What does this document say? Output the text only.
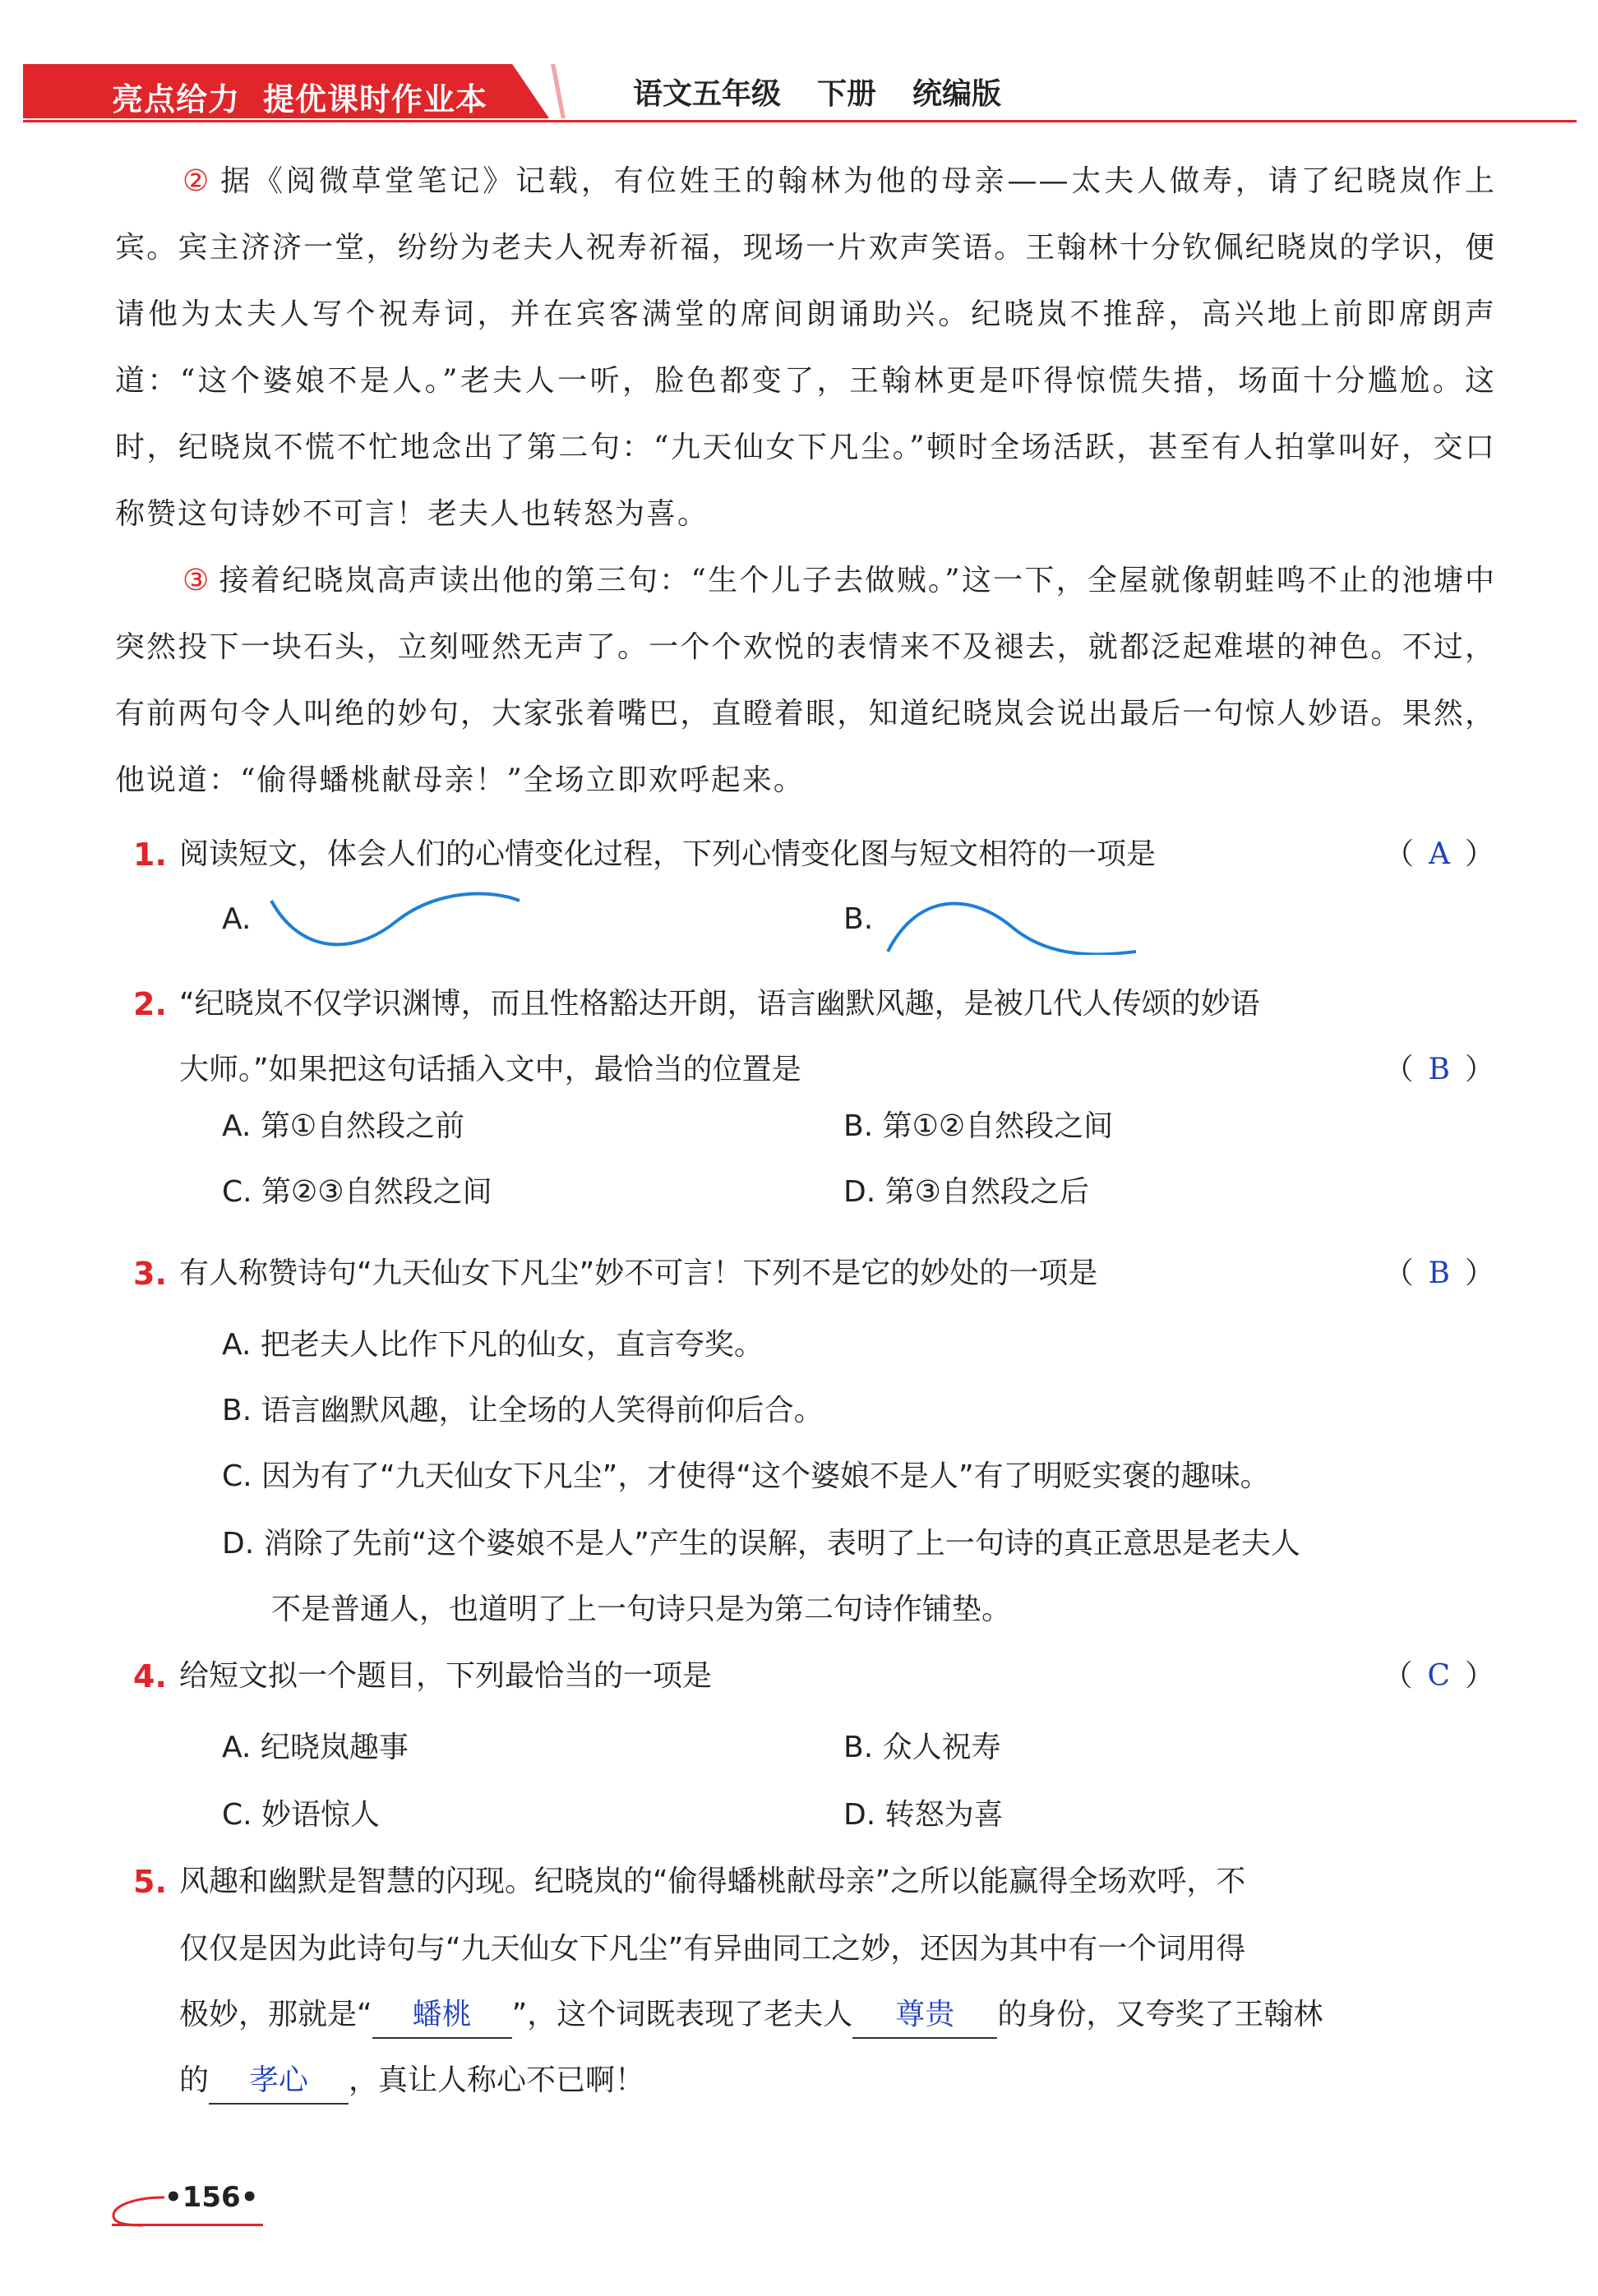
亮点给力 提优课时作业本	语文五年级 下册 统编版
② 据《阅微草堂笔记》记载，有位姓王的翰林为他的母亲——太夫人做寿，请了纪晓岚作上宾。宾主济济一堂，纷纷为老夫人祝寿祈福，现场一片欢声笑语。王翰林十分钦佩纪晓岚的学识，便请他为太夫人写个祝寿词，并在宾客满堂的席间朗诵助兴。纪晓岚不推辞，高兴地上前即席朗声道：“这个婆娘不是人。”老夫人一听，脸色都变了，王翰林更是吓得惊慌失措，场面十分尴尬。这时，纪晓岚不慌不忙地念出了第二句：“九天仙女下凡尘。”顿时全场活跃，甚至有人拍掌叫好，交口称赞这句诗妙不可言！老夫人也转怒为喜。
③ 接着纪晓岚高声读出他的第三句：“生个儿子去做贼。”这一下，全屋就像朝蛙鸣不止的池塘中突然投下一块石头，立刻哑然无声了。一个个欢悦的表情来不及褪去，就都泛起难堪的神色。不过，有前两句令人叫绝的妙句，大家张着嘴巴，直瞪着眼，知道纪晓岚会说出最后一句惊人妙语。果然，他说道：“偷得蟠桃献母亲！”全场立即欢呼起来。
1. 阅读短文，体会人们的心情变化过程，下列心情变化图与短文相符的一项是	（ A ）
A.	B.
2. “纪晓岚不仅学识渊博，而且性格豁达开朗，语言幽默风趣，是被几代人传颂的妙语
大师。”如果把这句话插入文中，最恰当的位置是	（ B ）
A. 第①自然段之前	B. 第①②自然段之间
C. 第②③自然段之间	D. 第③自然段之后
3. 有人称赞诗句“九天仙女下凡尘”妙不可言！下列不是它的妙处的一项是	（ B ）
A. 把老夫人比作下凡的仙女，直言夸奖。
B. 语言幽默风趣，让全场的人笑得前仰后合。
C. 因为有了“九天仙女下凡尘”，才使得“这个婆娘不是人”有了明贬实褒的趣味。
D. 消除了先前“这个婆娘不是人”产生的误解，表明了上一句诗的真正意思是老夫人
不是普通人，也道明了上一句诗只是为第二句诗作铺垫。
4. 给短文拟一个题目，下列最恰当的一项是	（ C ）
A. 纪晓岚趣事	B. 众人祝寿
C. 妙语惊人	D. 转怒为喜
5. 风趣和幽默是智慧的闪现。纪晓岚的“偷得蟠桃献母亲”之所以能赢得全场欢呼，不
仅仅是因为此诗句与“九天仙女下凡尘”有异曲同工之妙，还因为其中有一个词用得
极妙，那就是“ 蟠桃 ”，这个词既表现了老夫人 尊贵 的身份，又夸奖了王翰林
的 孝心 ，真让人称心不已啊！
•156•
